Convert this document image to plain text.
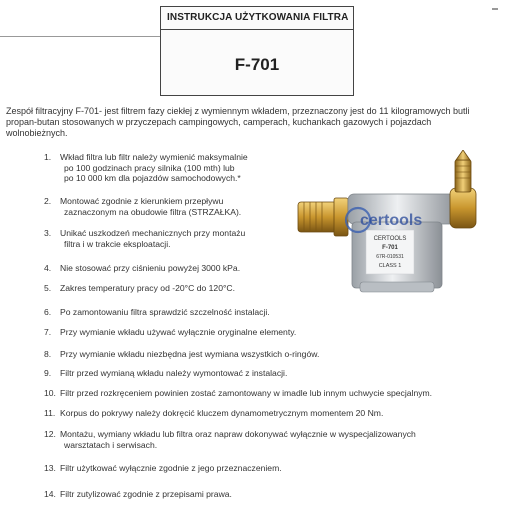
INSTRUKCJA UŻYTKOWANIA FILTRA
F-701
Zespół filtracyjny F-701- jest filtrem fazy ciekłej z wymiennym wkładem, przeznaczony jest do 11 kilogramowych butli propan-butan stosowanych w przyczepach campingowych, camperach, kuchankach gazowych i pojazdach wolnobieżnych.
CERTOOLS
F-701
67R-010531
CLASS 1
certools
1. Wkład filtra lub filtr należy wymienić maksymalnie
po 100 godzinach pracy silnika (100 mth) lub
po 10 000 km dla pojazdów samochodowych.*
2. Montować zgodnie z kierunkiem przepływu
zaznaczonym na obudowie filtra (STRZAŁKA).
3. Unikać uszkodzeń mechanicznych przy montażu
filtra i w trakcie eksploatacji.
4. Nie stosować przy ciśnieniu powyżej 3000 kPa.
5. Zakres temperatury pracy od -20°C do 120°C.
6. Po zamontowaniu filtra sprawdzić szczelność instalacji.
7. Przy wymianie wkładu używać wyłącznie oryginalne elementy.
8. Przy wymianie wkładu niezbędna jest wymiana wszystkich o-ringów.
9. Filtr przed wymianą wkładu należy wymontować z instalacji.
10. Filtr przed rozkręceniem powinien zostać zamontowany w imadle lub innym uchwycie specjalnym.
11. Korpus do pokrywy należy dokręcić kluczem dynamometrycznym momentem 20 Nm.
12. Montażu, wymiany wkładu lub filtra oraz napraw dokonywać wyłącznie w wyspecjalizowanych
warsztatach i serwisach.
13. Filtr użytkować wyłącznie zgodnie z jego przeznaczeniem.
14. Filtr zutylizować zgodnie z przepisami prawa.
